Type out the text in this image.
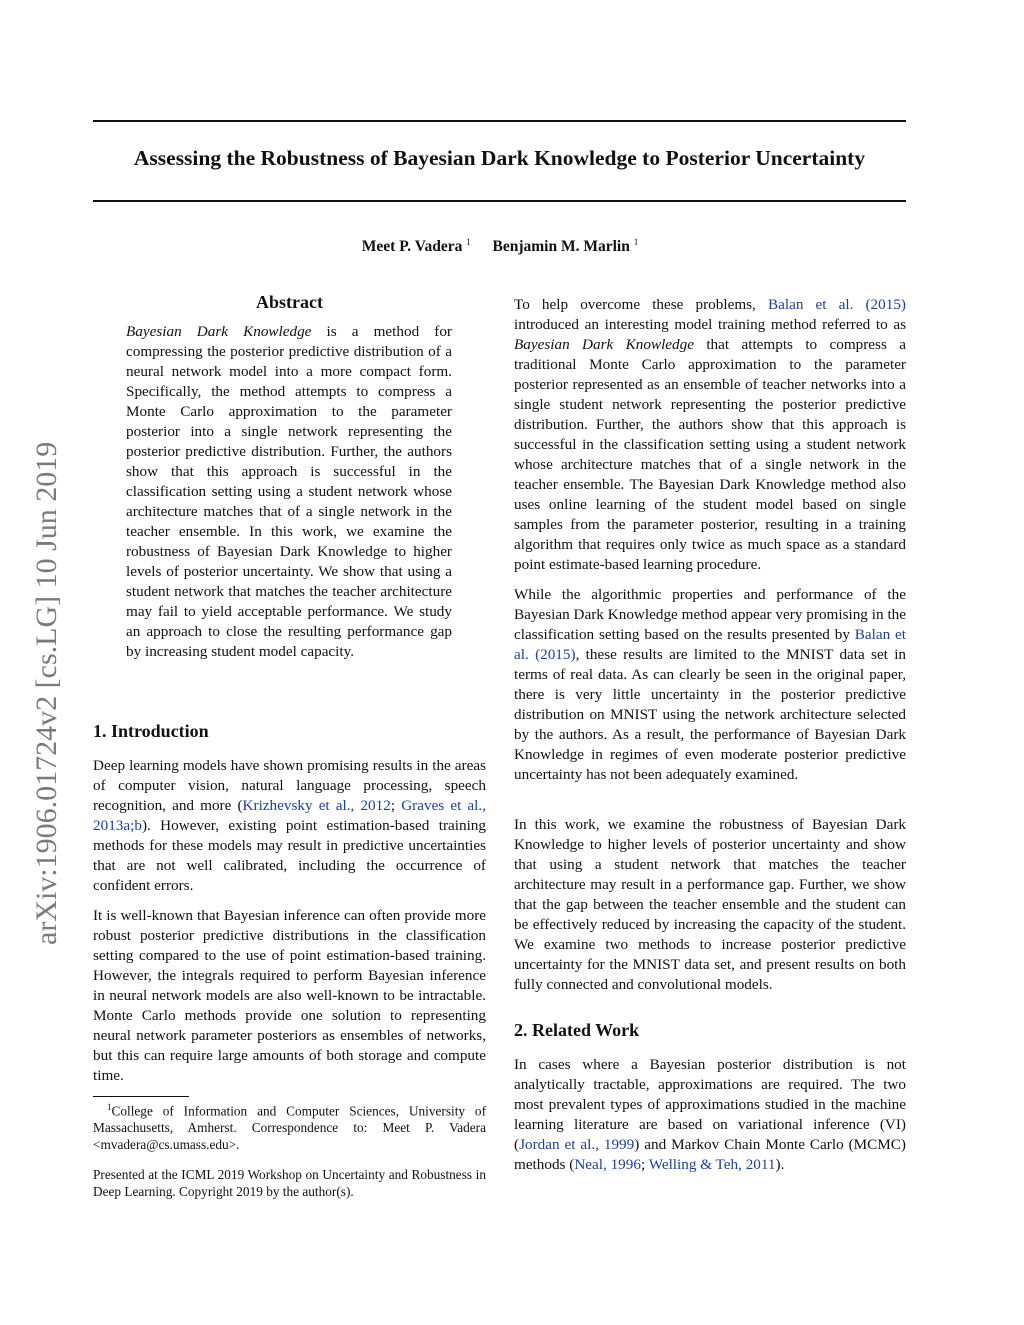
Assessing the Robustness of Bayesian Dark Knowledge to Posterior Uncertainty
Meet P. Vadera $^1$ Benjamin M. Marlin $^1$
arXiv:1906.01724v2 [cs.LG] 10 Jun 2019
Abstract

Bayesian Dark Knowledge is a method for compressing the posterior predictive distribution of a neural network model into a more compact form. Specifically, the method attempts to compress a Monte Carlo approximation to the parameter posterior into a single network representing the posterior predictive distribution. Further, the authors show that this approach is successful in the classification setting using a student network whose architecture matches that of a single network in the teacher ensemble. In this work, we examine the robustness of Bayesian Dark Knowledge to higher levels of posterior uncertainty. We show that using a student network that matches the teacher architecture may fail to yield acceptable performance. We study an approach to close the resulting performance gap by increasing student model capacity.

1. Introduction

Deep learning models have shown promising results in the areas of computer vision, natural language processing, speech recognition, and more (Krizhevsky et al., 2012; Graves et al., 2013a;b). However, existing point estimation-based training methods for these models may result in predictive uncertainties that are not well calibrated, including the occurrence of confident errors.

It is well-known that Bayesian inference can often provide more robust posterior predictive distributions in the classification setting compared to the use of point estimation-based training. However, the integrals required to perform Bayesian inference in neural network models are also well-known to be intractable. Monte Carlo methods provide one solution to representing neural network parameter posteriors as ensembles of networks, but this can require large amounts of both storage and compute time.

$^1$College of Information and Computer Sciences, University of Massachusetts, Amherst. Correspondence to: Meet P. Vadera <mvadera@cs.umass.edu>.

Presented at the ICML 2019 Workshop on Uncertainty and Robustness in Deep Learning. Copyright 2019 by the author(s).

To help overcome these problems, Balan et al. (2015) introduced an interesting model training method referred to as Bayesian Dark Knowledge that attempts to compress a traditional Monte Carlo approximation to the parameter posterior represented as an ensemble of teacher networks into a single student network representing the posterior predictive distribution. Further, the authors show that this approach is successful in the classification setting using a student network whose architecture matches that of a single network in the teacher ensemble. The Bayesian Dark Knowledge method also uses online learning of the student model based on single samples from the parameter posterior, resulting in a training algorithm that requires only twice as much space as a standard point estimate-based learning procedure.

While the algorithmic properties and performance of the Bayesian Dark Knowledge method appear very promising in the classification setting based on the results presented by Balan et al. (2015), these results are limited to the MNIST data set in terms of real data. As can clearly be seen in the original paper, there is very little uncertainty in the posterior predictive distribution on MNIST using the network architecture selected by the authors. As a result, the performance of Bayesian Dark Knowledge in regimes of even moderate posterior predictive uncertainty has not been adequately examined.

In this work, we examine the robustness of Bayesian Dark Knowledge to higher levels of posterior uncertainty and show that using a student network that matches the teacher architecture may result in a performance gap. Further, we show that the gap between the teacher ensemble and the student can be effectively reduced by increasing the capacity of the student. We examine two methods to increase posterior predictive uncertainty for the MNIST data set, and present results on both fully connected and convolutional models.

2. Related Work

In cases where a Bayesian posterior distribution is not analytically tractable, approximations are required. The two most prevalent types of approximations studied in the machine learning literature are based on variational inference (VI) (Jordan et al., 1999) and Markov Chain Monte Carlo (MCMC) methods (Neal, 1996; Welling & Teh, 2011).
